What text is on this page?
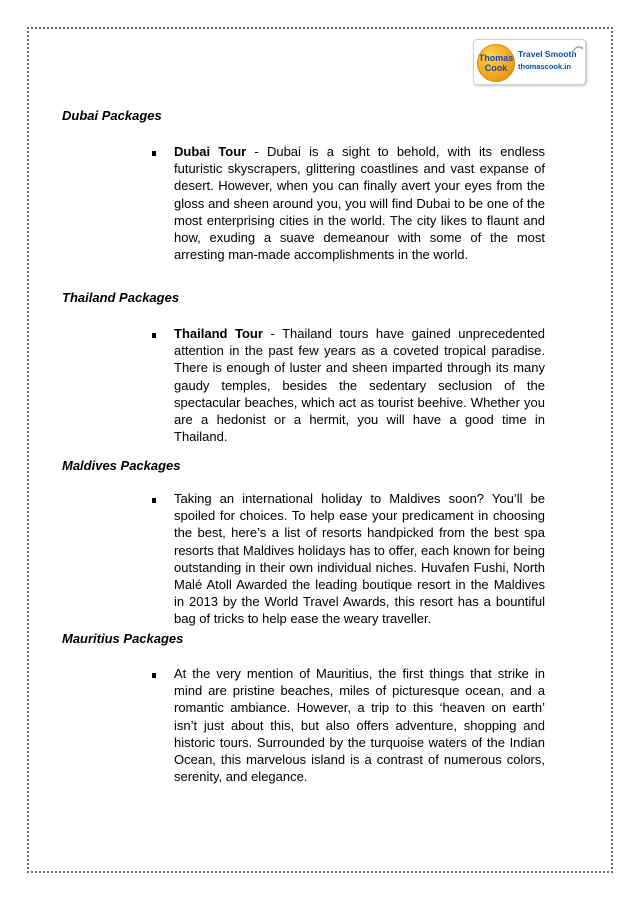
Thomas
Cook
Travel Smooth
thomascook.in
Dubai Packages
Dubai Tour - Dubai is a sight to behold, with its endless futuristic skyscrapers, glittering coastlines and vast expanse of desert. However, when you can finally avert your eyes from the gloss and sheen around you, you will find Dubai to be one of the most enterprising cities in the world. The city likes to flaunt and how, exuding a suave demeanour with some of the most arresting man-made accomplishments in the world.
Thailand Packages
Thailand Tour - Thailand tours have gained unprecedented attention in the past few years as a coveted tropical paradise. There is enough of luster and sheen imparted through its many gaudy temples, besides the sedentary seclusion of the spectacular beaches, which act as tourist beehive. Whether you are a hedonist or a hermit, you will have a good time in Thailand.
Maldives Packages
Taking an international holiday to Maldives soon? You’ll be spoiled for choices. To help ease your predicament in choosing the best, here’s a list of resorts handpicked from the best spa resorts that Maldives holidays has to offer, each known for being outstanding in their own individual niches. Huvafen Fushi, North Malé Atoll Awarded the leading boutique resort in the Maldives in 2013 by the World Travel Awards, this resort has a bountiful bag of tricks to help ease the weary traveller.
Mauritius Packages
At the very mention of Mauritius, the first things that strike in mind are pristine beaches, miles of picturesque ocean, and a romantic ambiance. However, a trip to this ‘heaven on earth’ isn’t just about this, but also offers adventure, shopping and historic tours. Surrounded by the turquoise waters of the Indian Ocean, this marvelous island is a contrast of numerous colors, serenity, and elegance.
